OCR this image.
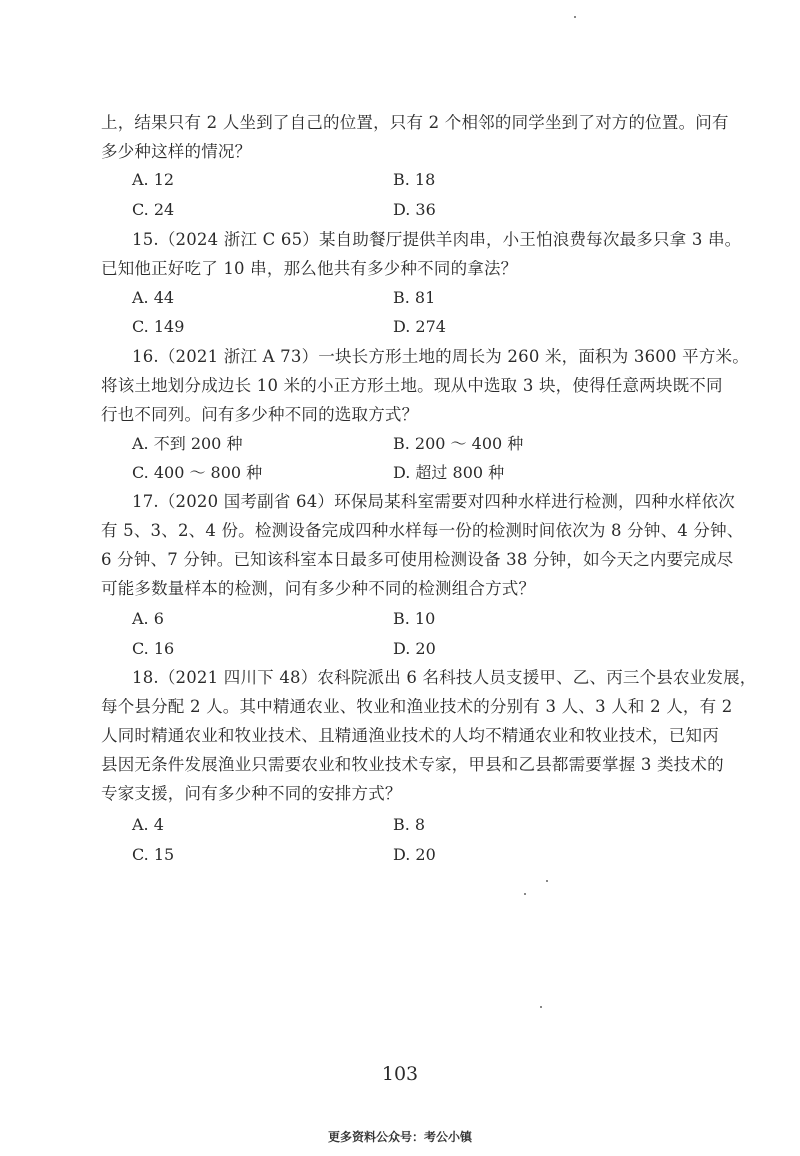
上，结果只有 2 人坐到了自己的位置，只有 2 个相邻的同学坐到了对方的位置。问有
多少种这样的情况？
A. 12	B. 18
C. 24	D. 36
15.（2024 浙江 C 65）某自助餐厅提供羊肉串，小王怕浪费每次最多只拿 3 串。
已知他正好吃了 10 串，那么他共有多少种不同的拿法？
A. 44	B. 81
C. 149	D. 274
16.（2021 浙江 A 73）一块长方形土地的周长为 260 米，面积为 3600 平方米。
将该土地划分成边长 10 米的小正方形土地。现从中选取 3 块，使得任意两块既不同
行也不同列。问有多少种不同的选取方式？
A. 不到 200 种	B. 200 ～ 400 种
C. 400 ～ 800 种	D. 超过 800 种
17.（2020 国考副省 64）环保局某科室需要对四种水样进行检测，四种水样依次
有 5、3、2、4 份。检测设备完成四种水样每一份的检测时间依次为 8 分钟、4 分钟、
6 分钟、7 分钟。已知该科室本日最多可使用检测设备 38 分钟，如今天之内要完成尽
可能多数量样本的检测，问有多少种不同的检测组合方式？
A. 6	B. 10
C. 16	D. 20
18.（2021 四川下 48）农科院派出 6 名科技人员支援甲、乙、丙三个县农业发展，
每个县分配 2 人。其中精通农业、牧业和渔业技术的分别有 3 人、3 人和 2 人，有 2
人同时精通农业和牧业技术、且精通渔业技术的人均不精通农业和牧业技术，已知丙
县因无条件发展渔业只需要农业和牧业技术专家，甲县和乙县都需要掌握 3 类技术的
专家支援，问有多少种不同的安排方式？
A. 4	B. 8
C. 15	D. 20
103
更多资料公众号：考公小镇
